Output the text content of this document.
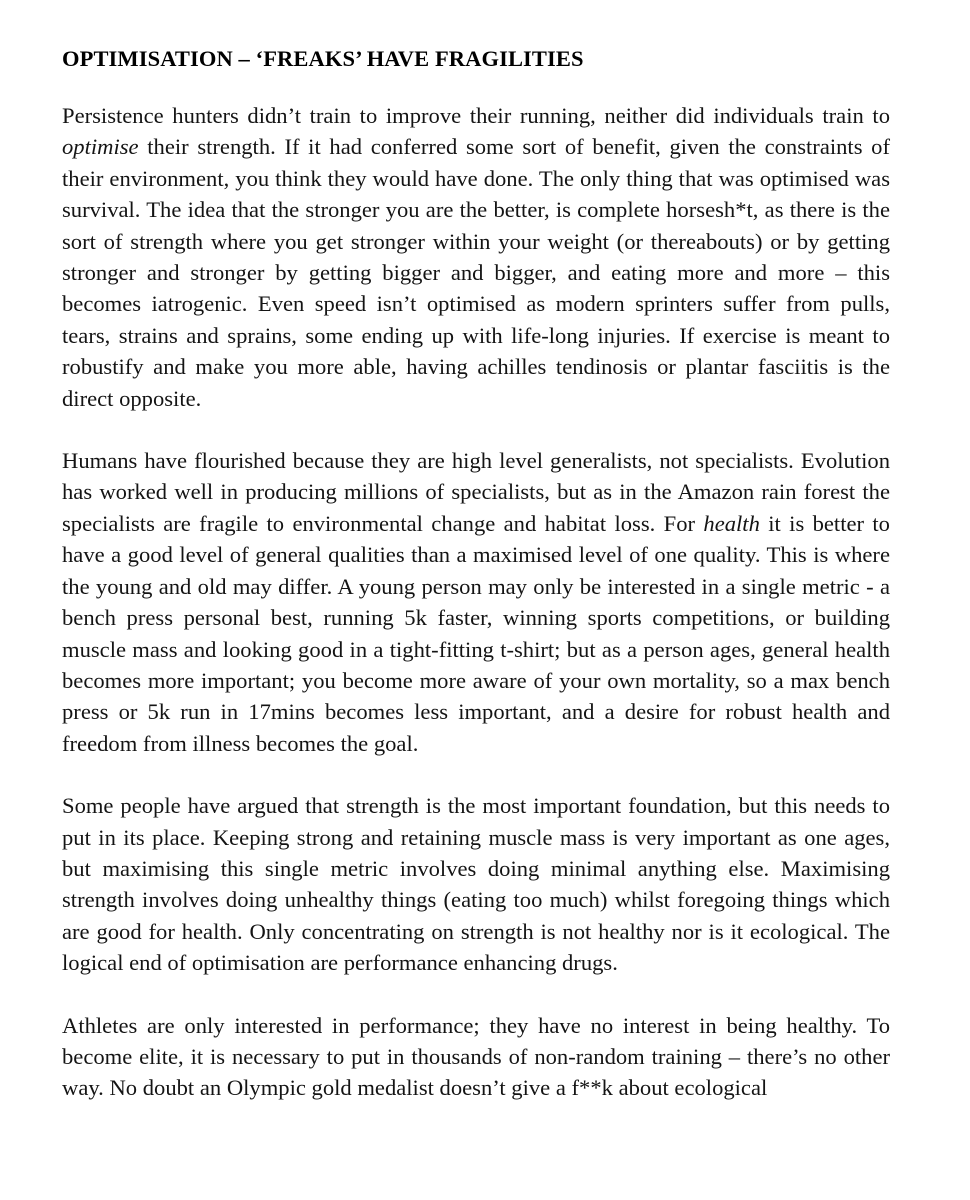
OPTIMISATION – ‘FREAKS’ HAVE FRAGILITIES

Persistence hunters didn’t train to improve their running, neither did individuals train to optimise their strength. If it had conferred some sort of benefit, given the constraints of their environment, you think they would have done. The only thing that was optimised was survival. The idea that the stronger you are the better, is complete horsesh*t, as there is the sort of strength where you get stronger within your weight (or thereabouts) or by getting stronger and stronger by getting bigger and bigger, and eating more and more – this becomes iatrogenic. Even speed isn’t optimised as modern sprinters suffer from pulls, tears, strains and sprains, some ending up with life-long injuries. If exercise is meant to robustify and make you more able, having achilles tendinosis or plantar fasciitis is the direct opposite.

Humans have flourished because they are high level generalists, not specialists. Evolution has worked well in producing millions of specialists, but as in the Amazon rain forest the specialists are fragile to environmental change and habitat loss. For health it is better to have a good level of general qualities than a maximised level of one quality. This is where the young and old may differ. A young person may only be interested in a single metric - a bench press personal best, running 5k faster, winning sports competitions, or building muscle mass and looking good in a tight-fitting t-shirt; but as a person ages, general health becomes more important; you become more aware of your own mortality, so a max bench press or 5k run in 17mins becomes less important, and a desire for robust health and freedom from illness becomes the goal.

Some people have argued that strength is the most important foundation, but this needs to put in its place. Keeping strong and retaining muscle mass is very important as one ages, but maximising this single metric involves doing minimal anything else. Maximising strength involves doing unhealthy things (eating too much) whilst foregoing things which are good for health. Only concentrating on strength is not healthy nor is it ecological. The logical end of optimisation are performance enhancing drugs.

Athletes are only interested in performance; they have no interest in being healthy. To become elite, it is necessary to put in thousands of non-random training – there’s no other way. No doubt an Olympic gold medalist doesn’t give a f**k about ecological
